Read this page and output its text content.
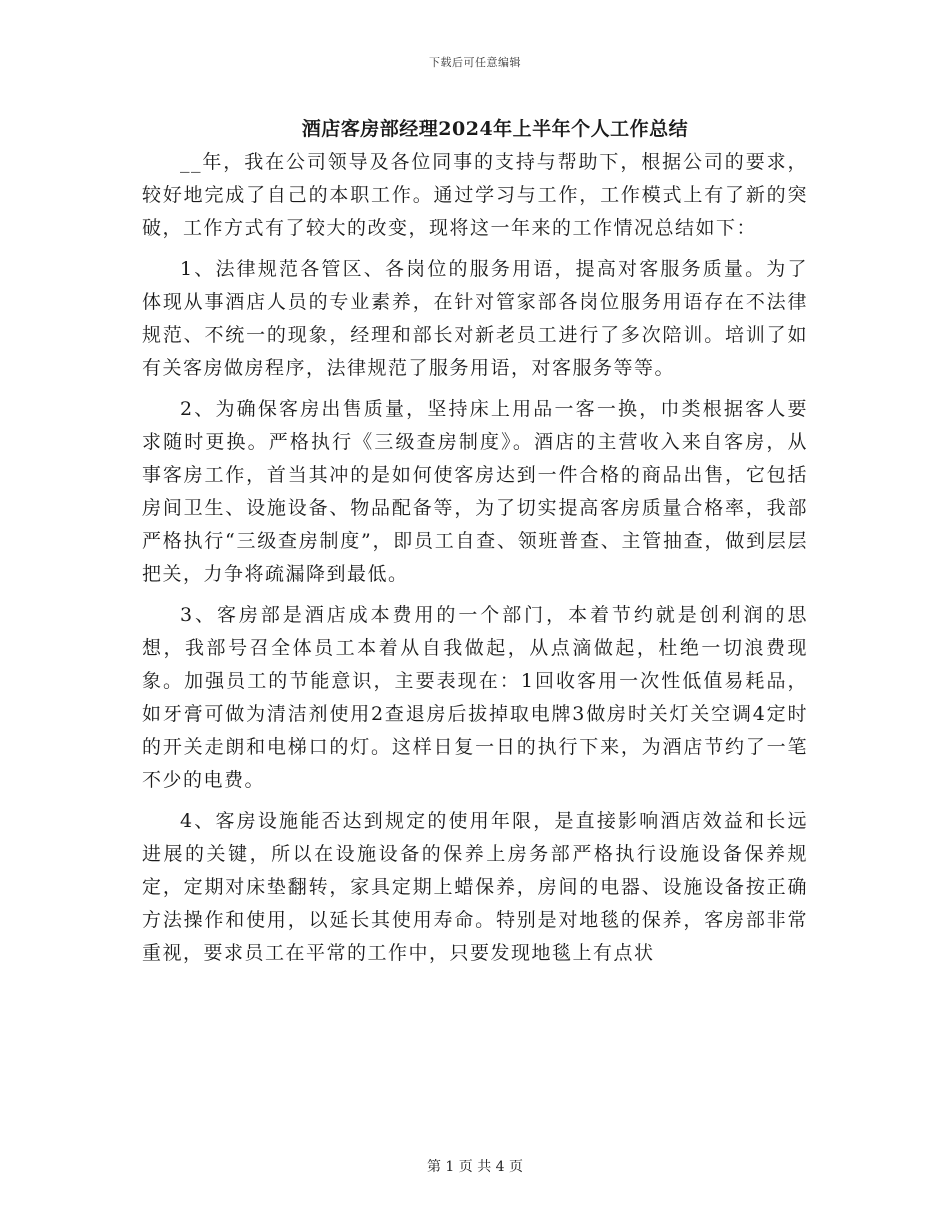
下载后可任意编辑
酒店客房部经理2024年上半年个人工作总结

__年，我在公司领导及各位同事的支持与帮助下，根据公司的要求，较好地完成了自己的本职工作。通过学习与工作，工作模式上有了新的突破，工作方式有了较大的改变，现将这一年来的工作情况总结如下：

1、法律规范各管区、各岗位的服务用语，提高对客服务质量。为了体现从事酒店人员的专业素养，在针对管家部各岗位服务用语存在不法律规范、不统一的现象，经理和部长对新老员工进行了多次陪训。培训了如有关客房做房程序，法律规范了服务用语，对客服务等等。

2、为确保客房出售质量，坚持床上用品一客一换，巾类根据客人要求随时更换。严格执行《三级查房制度》。酒店的主营收入来自客房，从事客房工作，首当其冲的是如何使客房达到一件合格的商品出售，它包括房间卫生、设施设备、物品配备等，为了切实提高客房质量合格率，我部严格执行“三级查房制度”，即员工自查、领班普查、主管抽查，做到层层把关，力争将疏漏降到最低。

3、客房部是酒店成本费用的一个部门，本着节约就是创利润的思想，我部号召全体员工本着从自我做起，从点滴做起，杜绝一切浪费现象。加强员工的节能意识，主要表现在：1回收客用一次性低值易耗品，如牙膏可做为清洁剂使用2查退房后拔掉取电牌3做房时关灯关空调4定时的开关走朗和电梯口的灯。这样日复一日的执行下来，为酒店节约了一笔不少的电费。

4、客房设施能否达到规定的使用年限，是直接影响酒店效益和长远进展的关键，所以在设施设备的保养上房务部严格执行设施设备保养规定，定期对床垫翻转，家具定期上蜡保养，房间的电器、设施设备按正确方法操作和使用，以延长其使用寿命。特别是对地毯的保养，客房部非常重视，要求员工在平常的工作中，只要发现地毯上有点状

第 1 页 共 4 页
